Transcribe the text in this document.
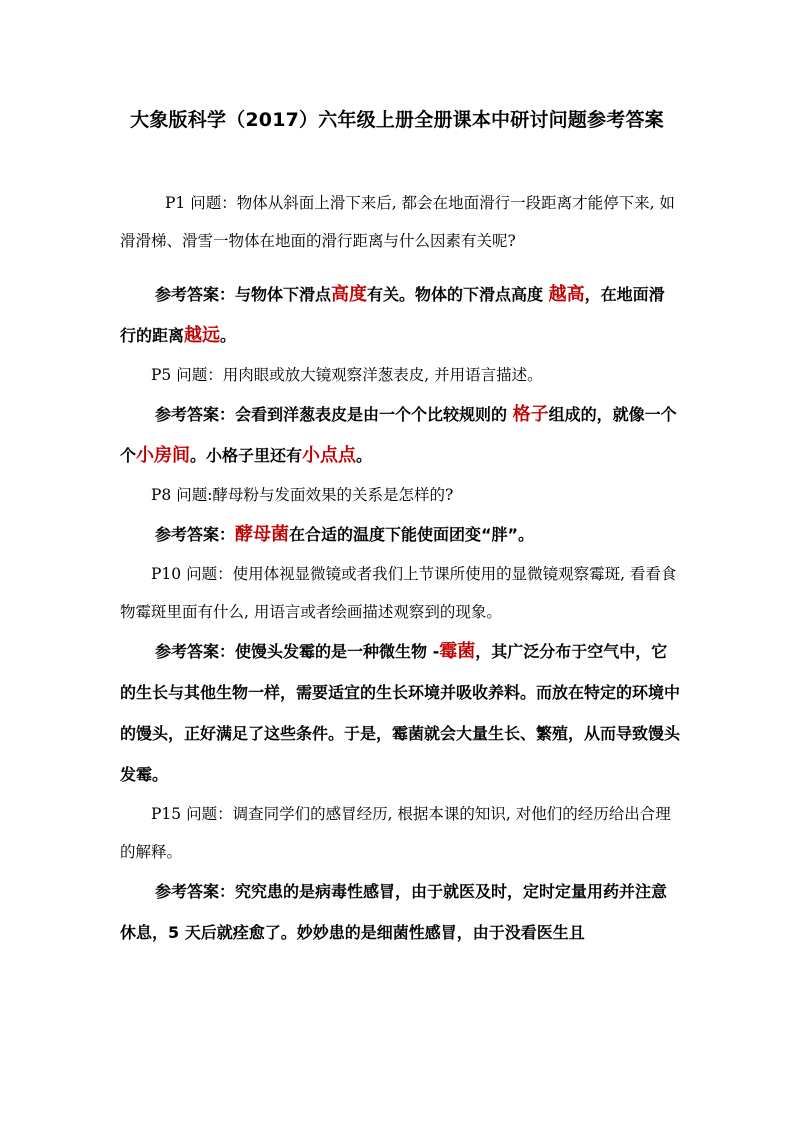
大象版科学（2017）六年级上册全册课本中研讨问题参考答案

P1 问题：物体从斜面上滑下来后, 都会在地面滑行一段距离才能停下来, 如滑滑梯、滑雪一物体在地面的滑行距离与什么因素有关呢?

参考答案：与物体下滑点高度有关。物体的下滑点高度 越高，在地面滑行的距离越远。

P5 问题：用肉眼或放大镜观察洋葱表皮, 并用语言描述。

参考答案：会看到洋葱表皮是由一个个比较规则的 格子组成的，就像一个个小房间。小格子里还有小点点。

P8 问题:酵母粉与发面效果的关系是怎样的?

参考答案：酵母菌在合适的温度下能使面团变“胖”。

P10 问题：使用体视显微镜或者我们上节课所使用的显微镜观察霉斑, 看看食物霉斑里面有什么, 用语言或者绘画描述观察到的现象。

参考答案：使馒头发霉的是一种微生物 -霉菌，其广泛分布于空气中，它的生长与其他生物一样，需要适宜的生长环境并吸收养料。而放在特定的环境中的馒头，正好满足了这些条件。于是，霉菌就会大量生长、繁殖，从而导致馒头发霉。

P15 问题：调查同学们的感冒经历, 根据本课的知识, 对他们的经历给出合理的解释。

参考答案：究究患的是病毒性感冒，由于就医及时，定时定量用药并注意休息，5 天后就痊愈了。妙妙患的是细菌性感冒，由于没看医生且
